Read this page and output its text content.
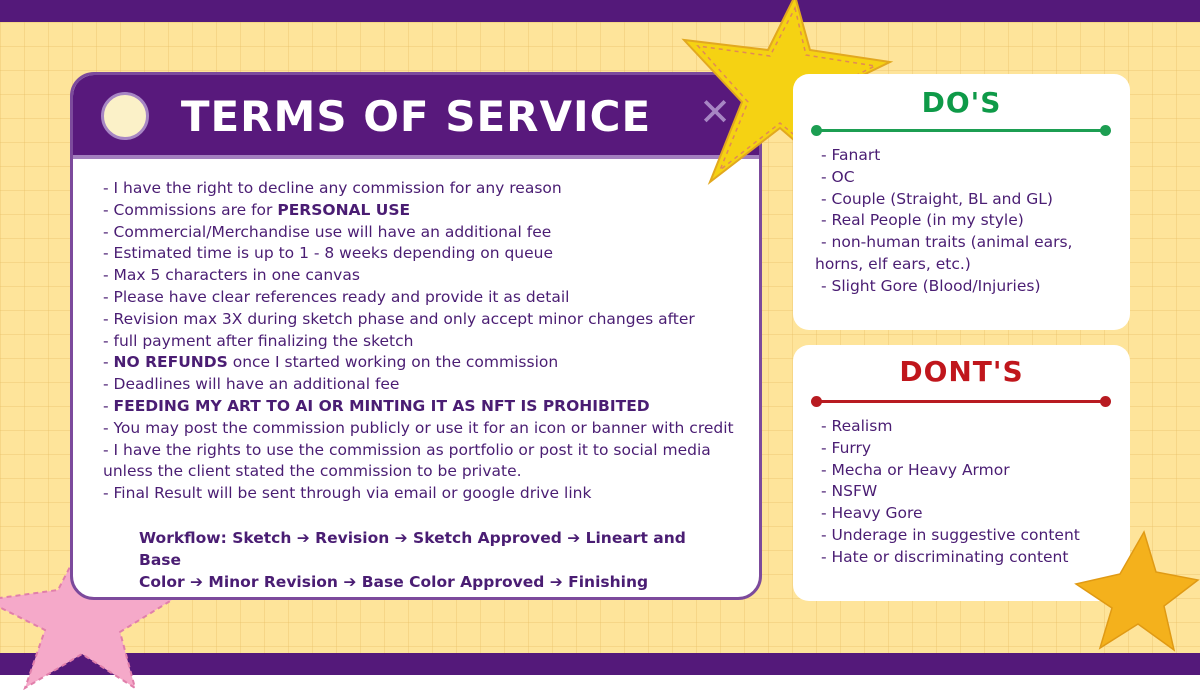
TERMS OF SERVICE	✕
- I have the right to decline any commission for any reason
- Commissions are for PERSONAL USE
- Commercial/Merchandise use will have an additional fee
- Estimated time is up to 1 - 8 weeks depending on queue
- Max 5 characters in one canvas
- Please have clear references ready and provide it as detail
- Revision max 3X during sketch phase and only accept minor changes after
- full payment after finalizing the sketch
- NO REFUNDS once I started working on the commission
- Deadlines will have an additional fee
- FEEDING MY ART TO AI OR MINTING IT AS NFT IS PROHIBITED
- You may post the commission publicly or use it for an icon or banner with credit
- I have the rights to use the commission as portfolio or post it to social media
unless the client stated the commission to be private.
- Final Result will be sent through via email or google drive link
Workflow: Sketch ➔ Revision ➔ Sketch Approved ➔ Lineart and Base
Color ➔ Minor Revision ➔ Base Color Approved ➔ Finishing
DO'S
- Fanart
- OC
- Couple (Straight, BL and GL)
- Real People (in my style)
- non-human traits (animal ears,
horns, elf ears, etc.)
- Slight Gore (Blood/Injuries)
DONT'S
- Realism
- Furry
- Mecha or Heavy Armor
- NSFW
- Heavy Gore
- Underage in suggestive content
- Hate or discriminating content
